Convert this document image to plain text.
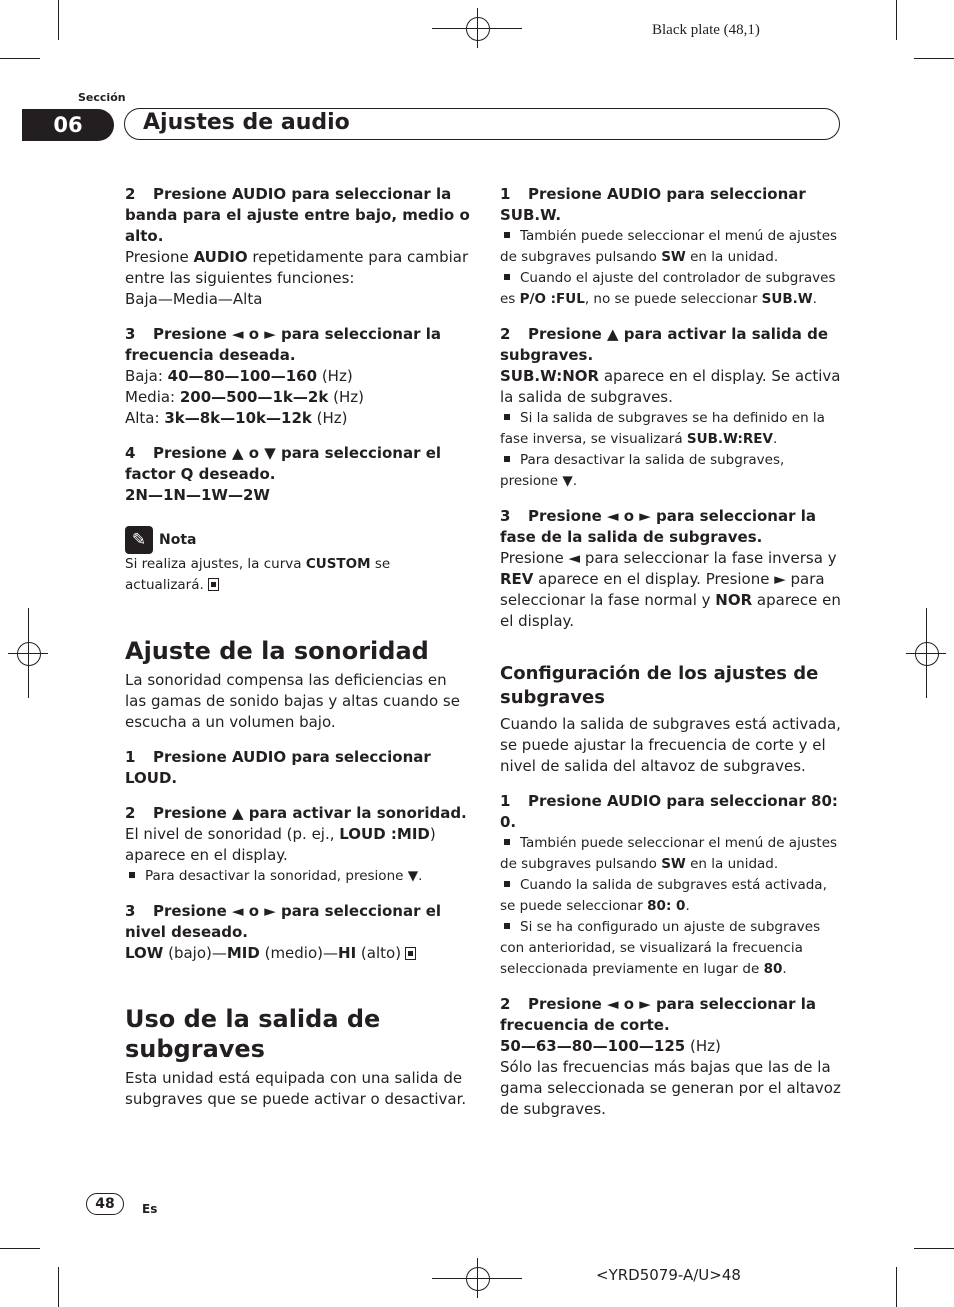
Black plate (48,1)
Sección
06	Ajustes de audio

2 Presione AUDIO para seleccionar la banda para el ajuste entre bajo, medio o alto.

Presione AUDIO repetidamente para cambiar entre las siguientes funciones:

Baja—Media—Alta

3 Presione ◄ o ► para seleccionar la frecuencia deseada.

Baja: 40—80—100—160 (Hz)

Media: 200—500—1k—2k (Hz)

Alta: 3k—8k—10k—12k (Hz)

4 Presione ▲ o ▼ para seleccionar el factor Q deseado.

2N—1N—1W—2W

✎ Nota

Si realiza ajustes, la curva CUSTOM se actualizará.

Ajuste de la sonoridad

La sonoridad compensa las deficiencias en las gamas de sonido bajas y altas cuando se escucha a un volumen bajo.

1 Presione AUDIO para seleccionar LOUD.

2 Presione ▲ para activar la sonoridad.

El nivel de sonoridad (p. ej., LOUD :MID) aparece en el display.

Para desactivar la sonoridad, presione ▼.

3 Presione ◄ o ► para seleccionar el nivel deseado.

LOW (bajo)—MID (medio)—HI (alto)

Uso de la salida de subgraves

Esta unidad está equipada con una salida de subgraves que se puede activar o desactivar.

1 Presione AUDIO para seleccionar SUB.W.

También puede seleccionar el menú de ajustes de subgraves pulsando SW en la unidad.

Cuando el ajuste del controlador de subgraves es P/O :FUL, no se puede seleccionar SUB.W.

2 Presione ▲ para activar la salida de subgraves.

SUB.W:NOR aparece en el display. Se activa la salida de subgraves.

Si la salida de subgraves se ha definido en la fase inversa, se visualizará SUB.W:REV.

Para desactivar la salida de subgraves, presione ▼.

3 Presione ◄ o ► para seleccionar la fase de la salida de subgraves.

Presione ◄ para seleccionar la fase inversa y REV aparece en el display. Presione ► para seleccionar la fase normal y NOR aparece en el display.

Configuración de los ajustes de subgraves

Cuando la salida de subgraves está activada, se puede ajustar la frecuencia de corte y el nivel de salida del altavoz de subgraves.

1 Presione AUDIO para seleccionar 80: 0.

También puede seleccionar el menú de ajustes de subgraves pulsando SW en la unidad.

Cuando la salida de subgraves está activada, se puede seleccionar 80: 0.

Si se ha configurado un ajuste de subgraves con anterioridad, se visualizará la frecuencia seleccionada previamente en lugar de 80.

2 Presione ◄ o ► para seleccionar la frecuencia de corte.

50—63—80—100—125 (Hz)

Sólo las frecuencias más bajas que las de la gama seleccionada se generan por el altavoz de subgraves.

48	Es
<YRD5079-A/U>48
